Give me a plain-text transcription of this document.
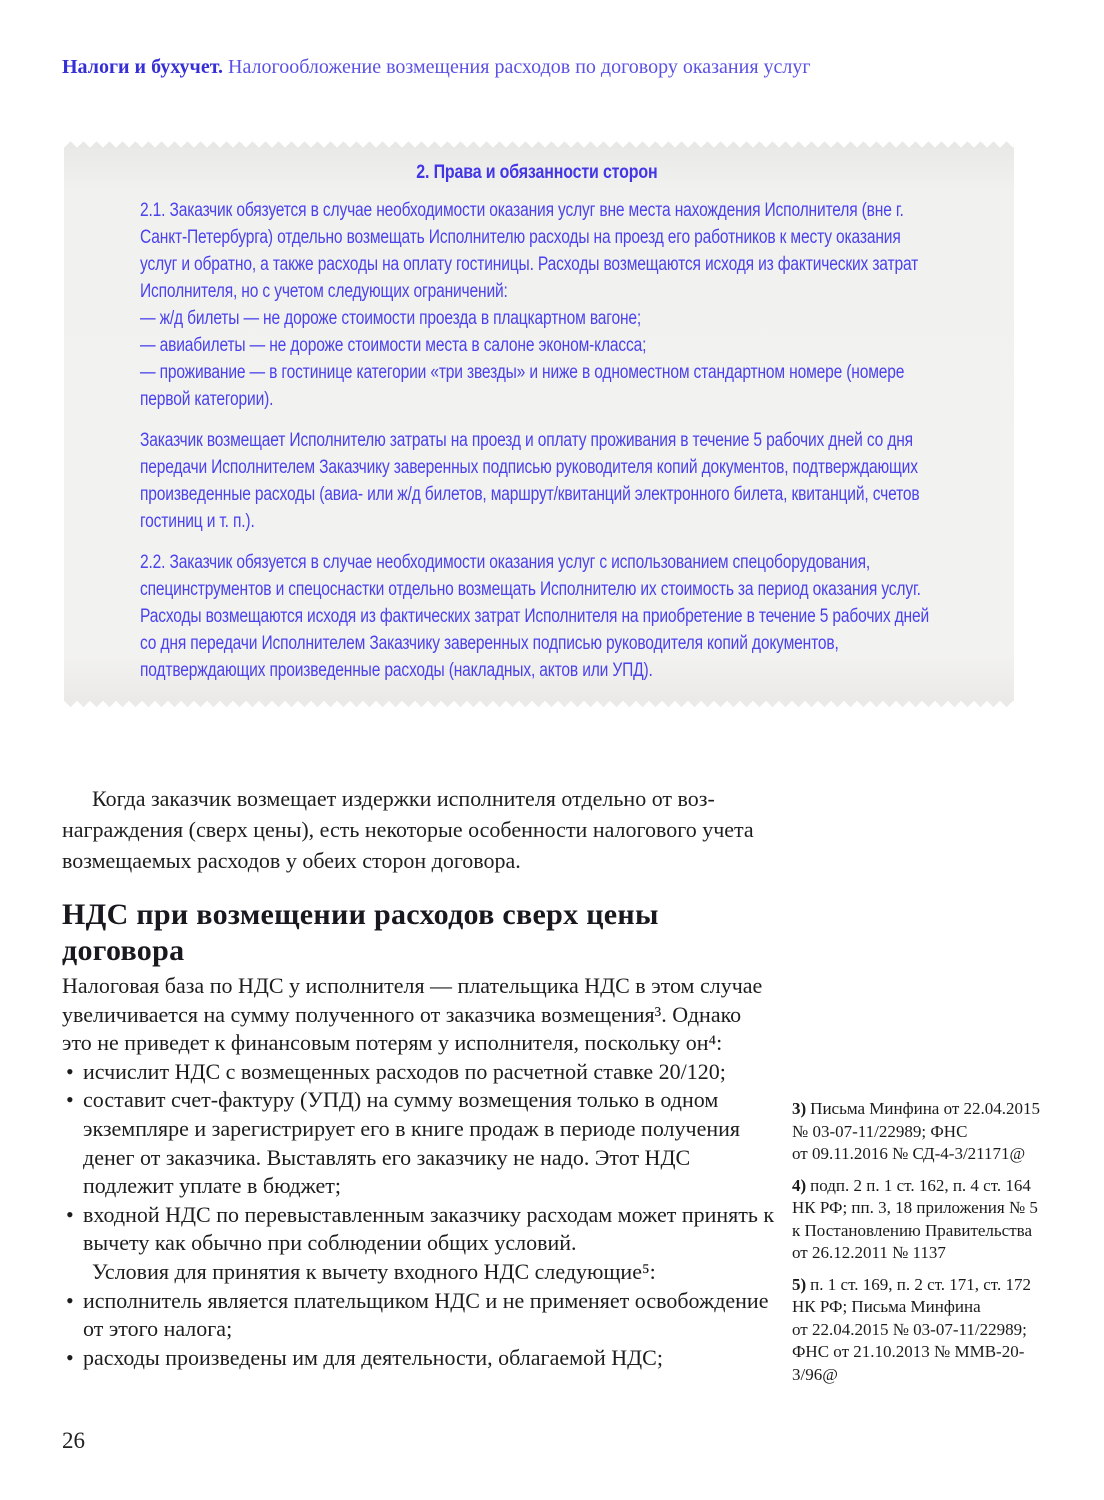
Налоги и бухучет. Налогообложение возмещения расходов по договору оказания услуг

2. Права и обязанности сторон

2.1. Заказчик обязуется в случае необходимости оказания услуг вне места нахождения Исполнителя (вне г. Санкт-Петербурга) отдельно возмещать Исполнителю расходы на проезд его работников к месту оказания услуг и обратно, а также расходы на оплату гостиницы. Расходы возмещаются исходя из фактических затрат Исполнителя, но с учетом следующих ограничений:

— ж/д билеты — не дороже стоимости проезда в плацкартном вагоне;

— авиабилеты — не дороже стоимости места в салоне эконом-класса;

— проживание — в гостинице категории «три звезды» и ниже в одноместном стандартном номере (номере первой категории).

Заказчик возмещает Исполнителю затраты на проезд и оплату проживания в течение 5 рабочих дней со дня передачи Исполнителем Заказчику заверенных подписью руководителя копий документов, подтверждающих произведенные расходы (авиа- или ж/д билетов, маршрут/квитанций электронного билета, квитанций, счетов гостиниц и т. п.).

2.2. Заказчик обязуется в случае необходимости оказания услуг с использованием спецоборудования, специнструментов и спецоснастки отдельно возмещать Исполнителю их стоимость за период оказания услуг. Расходы возмещаются исходя из фактических затрат Исполнителя на приобретение в течение 5 рабочих дней со дня передачи Исполнителем Заказчику заверенных подписью руководителя копий документов, подтверждающих произведенные расходы (накладных, актов или УПД).

Когда заказчик возмещает издержки исполнителя отдельно от вознаграждения (сверх цены), есть некоторые особенности налогового учета возмещаемых расходов у обеих сторон договора.

НДС при возмещении расходов сверх цены
договора

Налоговая база по НДС у исполнителя — плательщика НДС в этом случае увеличивается на сумму полученного от заказчика возмещения³. Однако это не приведет к финансовым потерям у исполнителя, поскольку он⁴:

• исчислит НДС с возмещенных расходов по расчетной ставке 20/120;
• составит счет-фактуру (УПД) на сумму возмещения только в одном экземпляре и зарегистрирует его в книге продаж в периоде получения денег от заказчика. Выставлять его заказчику не надо. Этот НДС подлежит уплате в бюджет;
• входной НДС по перевыставленным заказчику расходам может принять к вычету как обычно при соблюдении общих условий.

Условия для принятия к вычету входного НДС следующие⁵:

• исполнитель является плательщиком НДС и не применяет освобождение от этого налога;
• расходы произведены им для деятельности, облагаемой НДС;

3) Письма Минфина от 22.04.2015 № 03-07-11/22989; ФНС от 09.11.2016 № СД-4-3/21171@

4) подп. 2 п. 1 ст. 162, п. 4 ст. 164 НК РФ; пп. 3, 18 приложения № 5 к Постановлению Правительства от 26.12.2011 № 1137

5) п. 1 ст. 169, п. 2 ст. 171, ст. 172 НК РФ; Письма Минфина от 22.04.2015 № 03-07-11/22989; ФНС от 21.10.2013 № ММВ-20-3/96@

26
